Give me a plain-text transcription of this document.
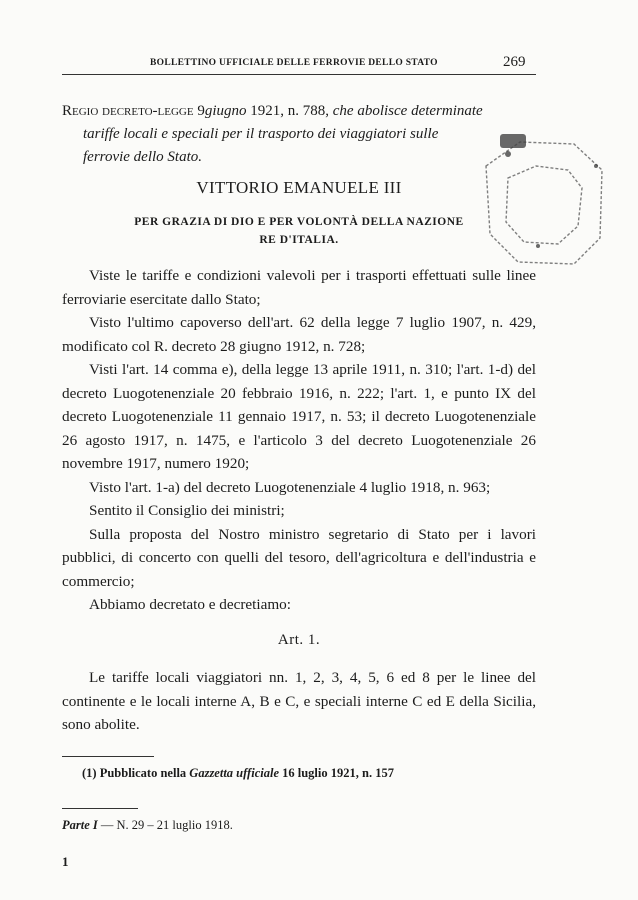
BOLLETTINO UFFICIALE DELLE FERROVIE DELLO STATO	269
Regio decreto-legge 9giugno 1921, n. 788, che abolisce determinate
tariffe locali e speciali per il trasporto dei viaggiatori sulle
ferrovie dello Stato.
VITTORIO EMANUELE III
PER GRAZIA DI DIO E PER VOLONTÀ DELLA NAZIONE
RE D'ITALIA.

Viste le tariffe e condizioni valevoli per i trasporti effettuati sulle linee ferroviarie esercitate dallo Stato;

Visto l'ultimo capoverso dell'art. 62 della legge 7 luglio 1907, n. 429, modificato col R. decreto 28 giugno 1912, n. 728;

Visti l'art. 14 comma e), della legge 13 aprile 1911, n. 310; l'art. 1-d) del decreto Luogotenenziale 20 febbraio 1916, n. 222; l'art. 1, e punto IX del decreto Luogotenenziale 11 gennaio 1917, n. 53; il decreto Luogotenenziale 26 agosto 1917, n. 1475, e l'articolo 3 del decreto Luogotenenziale 26 novembre 1917, numero 1920;

Visto l'art. 1-a) del decreto Luogotenenziale 4 luglio 1918, n. 963;

Sentito il Consiglio dei ministri;

Sulla proposta del Nostro ministro segretario di Stato per i lavori pubblici, di concerto con quelli del tesoro, dell'agricoltura e dell'industria e commercio;

Abbiamo decretato e decretiamo:

Art. 1.

Le tariffe locali viaggiatori nn. 1, 2, 3, 4, 5, 6 ed 8 per le linee del continente e le locali interne A, B e C, e speciali interne C ed E della Sicilia, sono abolite.

(1) Pubblicato nella Gazzetta ufficiale 16 luglio 1921, n. 157
Parte I — N. 29 – 21 luglio 1918.
1
